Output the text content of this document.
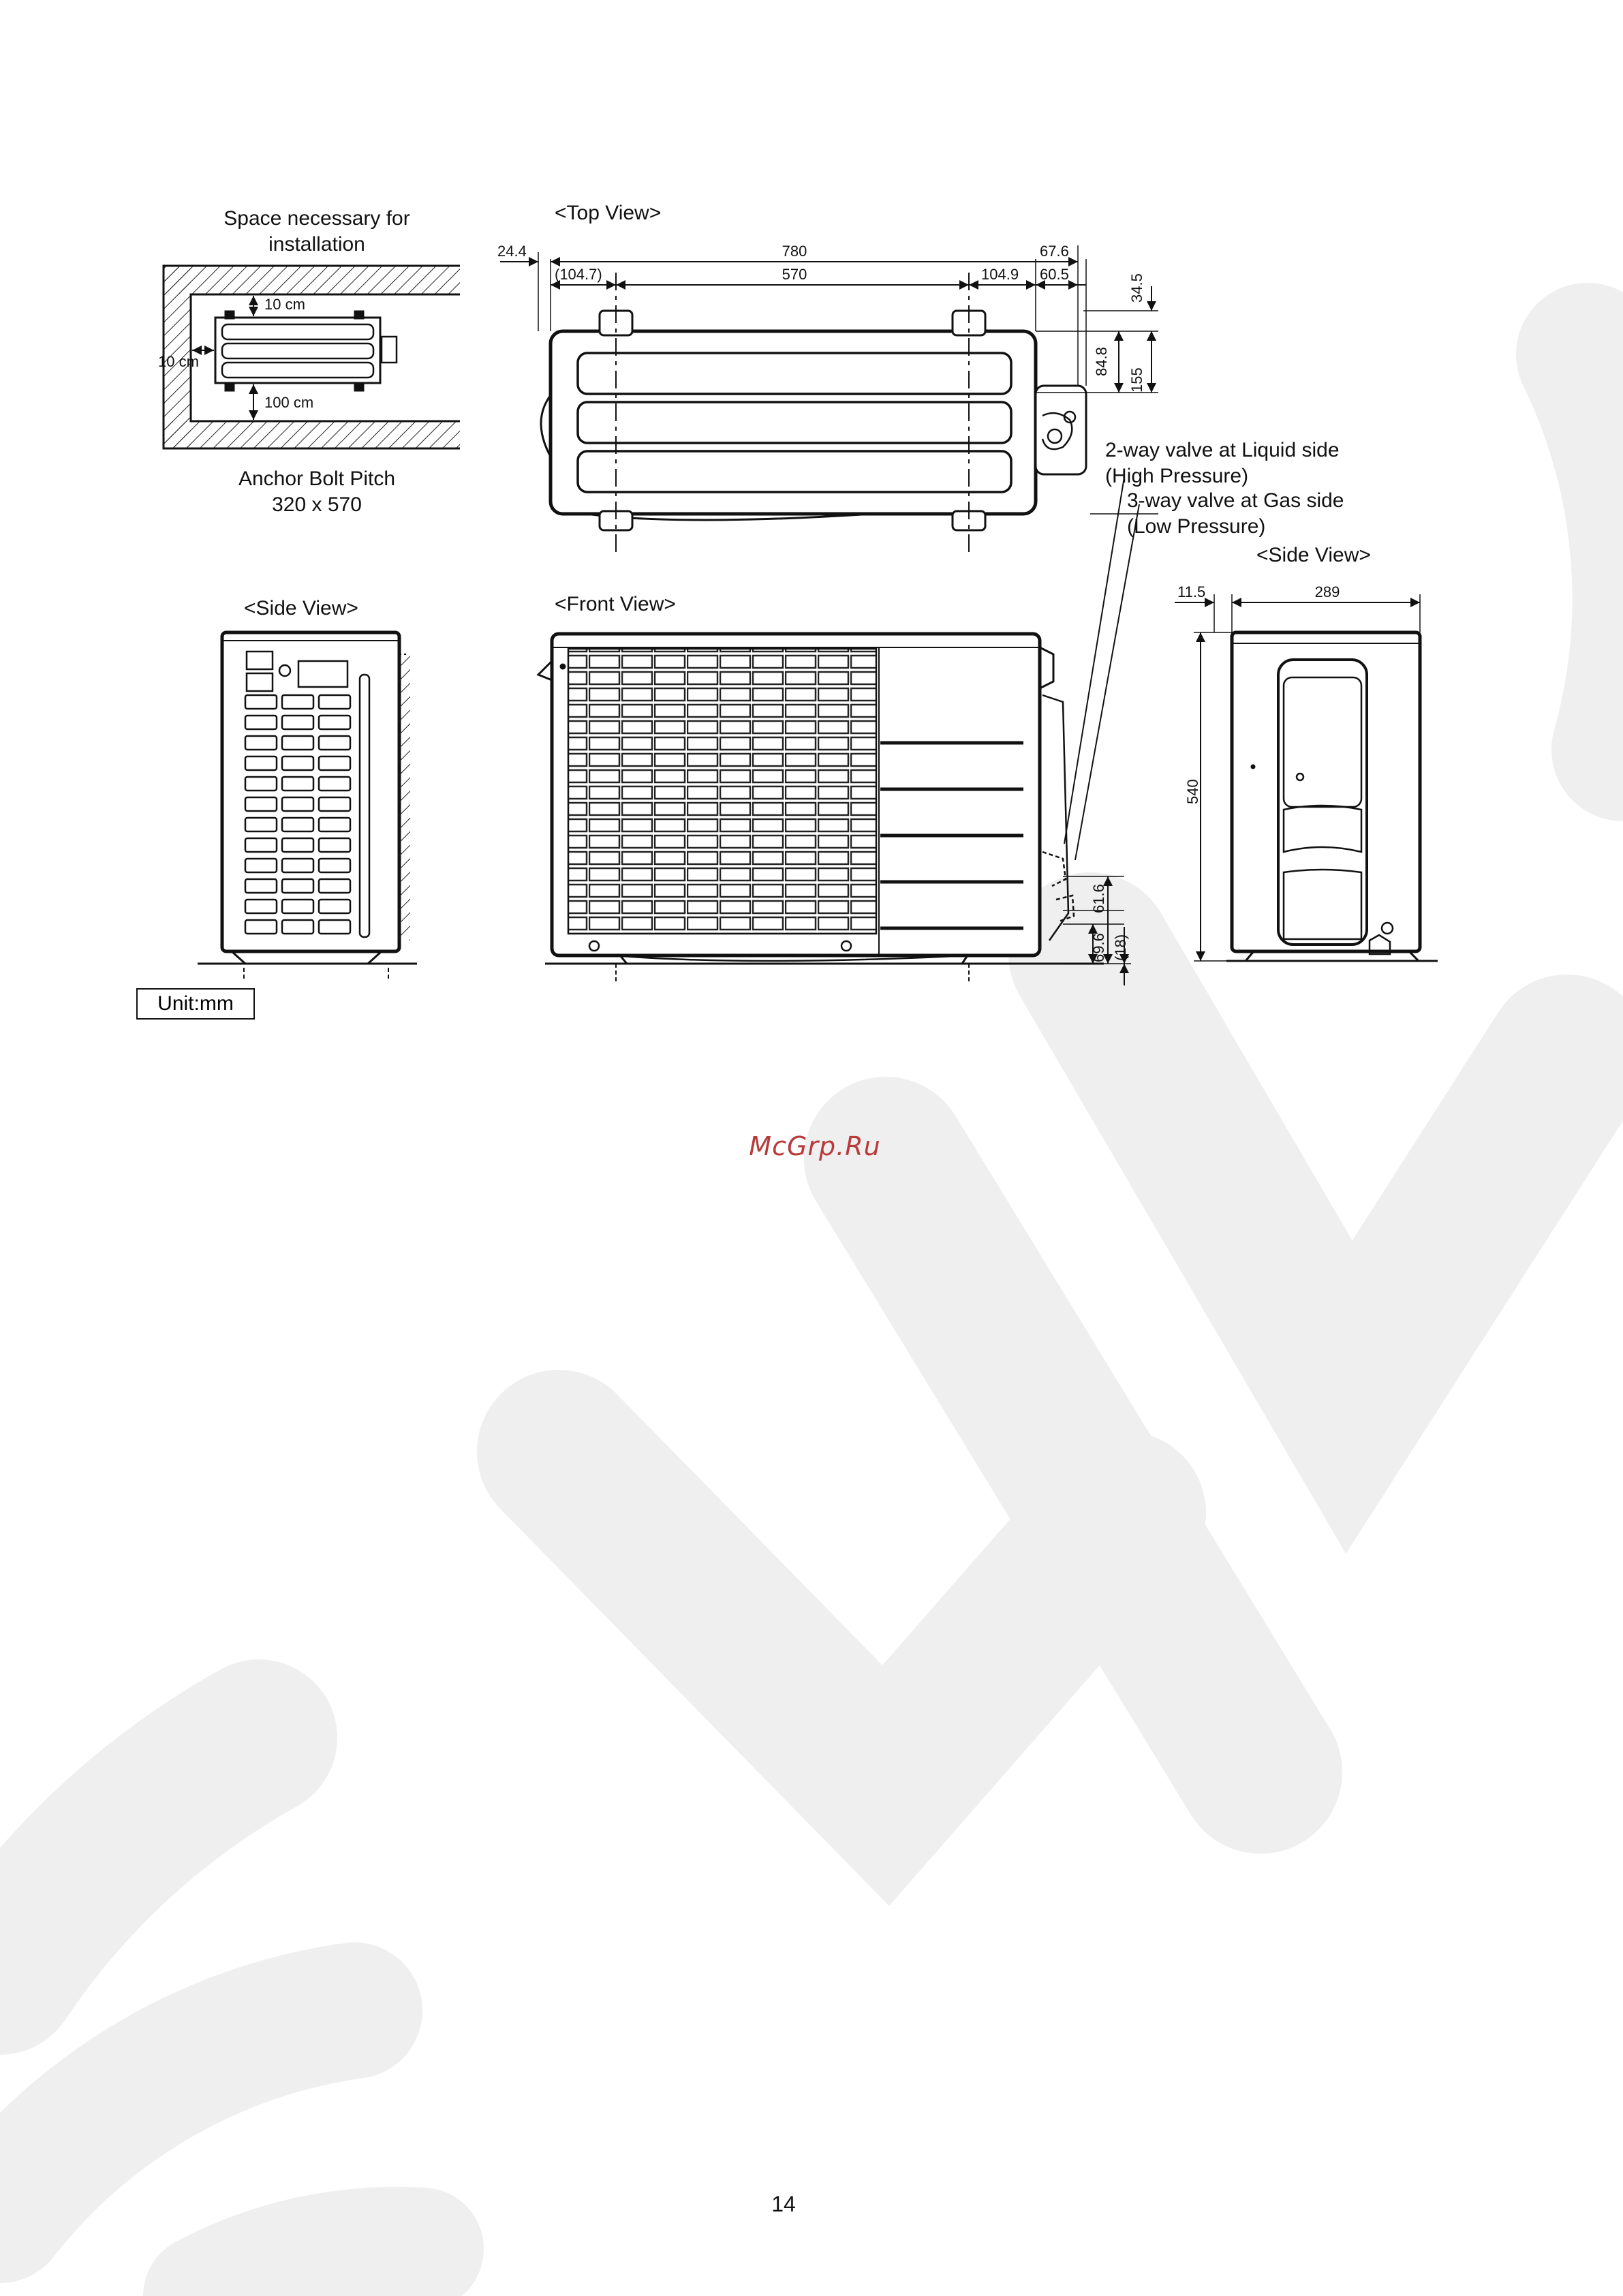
Space necessary for
installation
10 cm
10 cm
100 cm
Anchor Bolt Pitch
320 x 570
<Top View>
24.4	780
(104.7)	570	104.9
67.6
60.5	34.5
84.8
155
2-way valve at Liquid side
(High Pressure)
3-way valve at Gas side
(Low Pressure)
<Side View>	<Front View>
61.6
69.6 (18)
<Side View>
11.5	289
540
Unit:mm
McGrp.Ru
14
